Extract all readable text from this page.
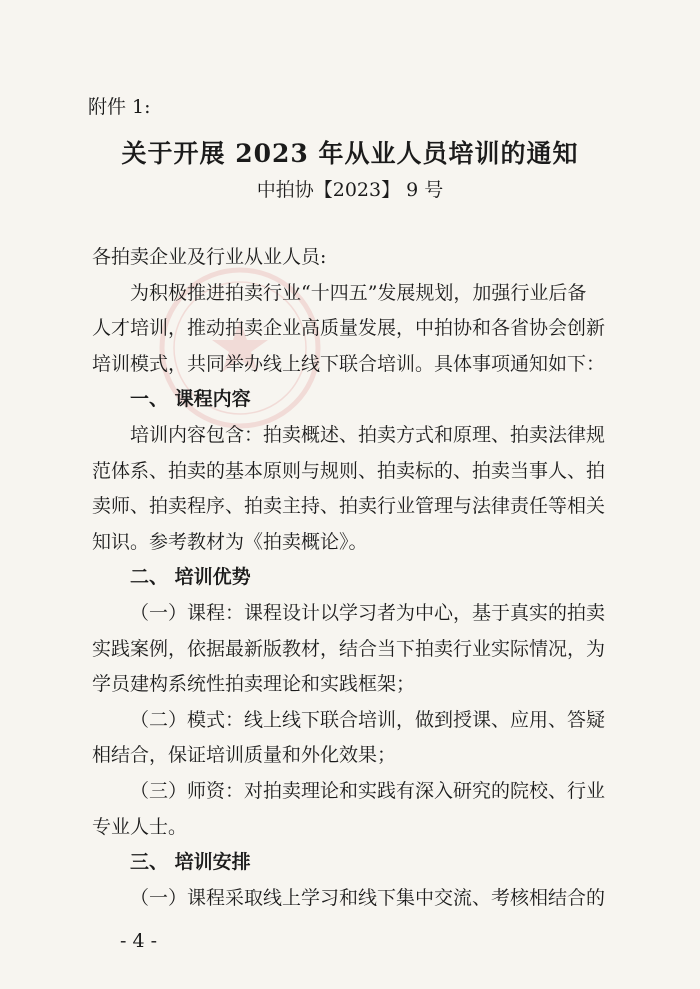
附件 1:
关于开展 2023 年从业人员培训的通知
中拍协【2023】 9 号
各拍卖企业及行业从业人员:
为积极推进拍卖行业“十四五”发展规划，加强行业后备
人才培训，推动拍卖企业高质量发展，中拍协和各省协会创新
培训模式，共同举办线上线下联合培训。具体事项通知如下：
一、 课程内容
培训内容包含：拍卖概述、拍卖方式和原理、拍卖法律规
范体系、拍卖的基本原则与规则、拍卖标的、拍卖当事人、拍
卖师、拍卖程序、拍卖主持、拍卖行业管理与法律责任等相关
知识。参考教材为《拍卖概论》。
二、 培训优势
（一）课程：课程设计以学习者为中心，基于真实的拍卖
实践案例，依据最新版教材，结合当下拍卖行业实际情况，为
学员建构系统性拍卖理论和实践框架；
（二）模式：线上线下联合培训，做到授课、应用、答疑
相结合，保证培训质量和外化效果；
（三）师资：对拍卖理论和实践有深入研究的院校、行业
专业人士。
三、 培训安排
（一）课程采取线上学习和线下集中交流、考核相结合的
- 4 -
